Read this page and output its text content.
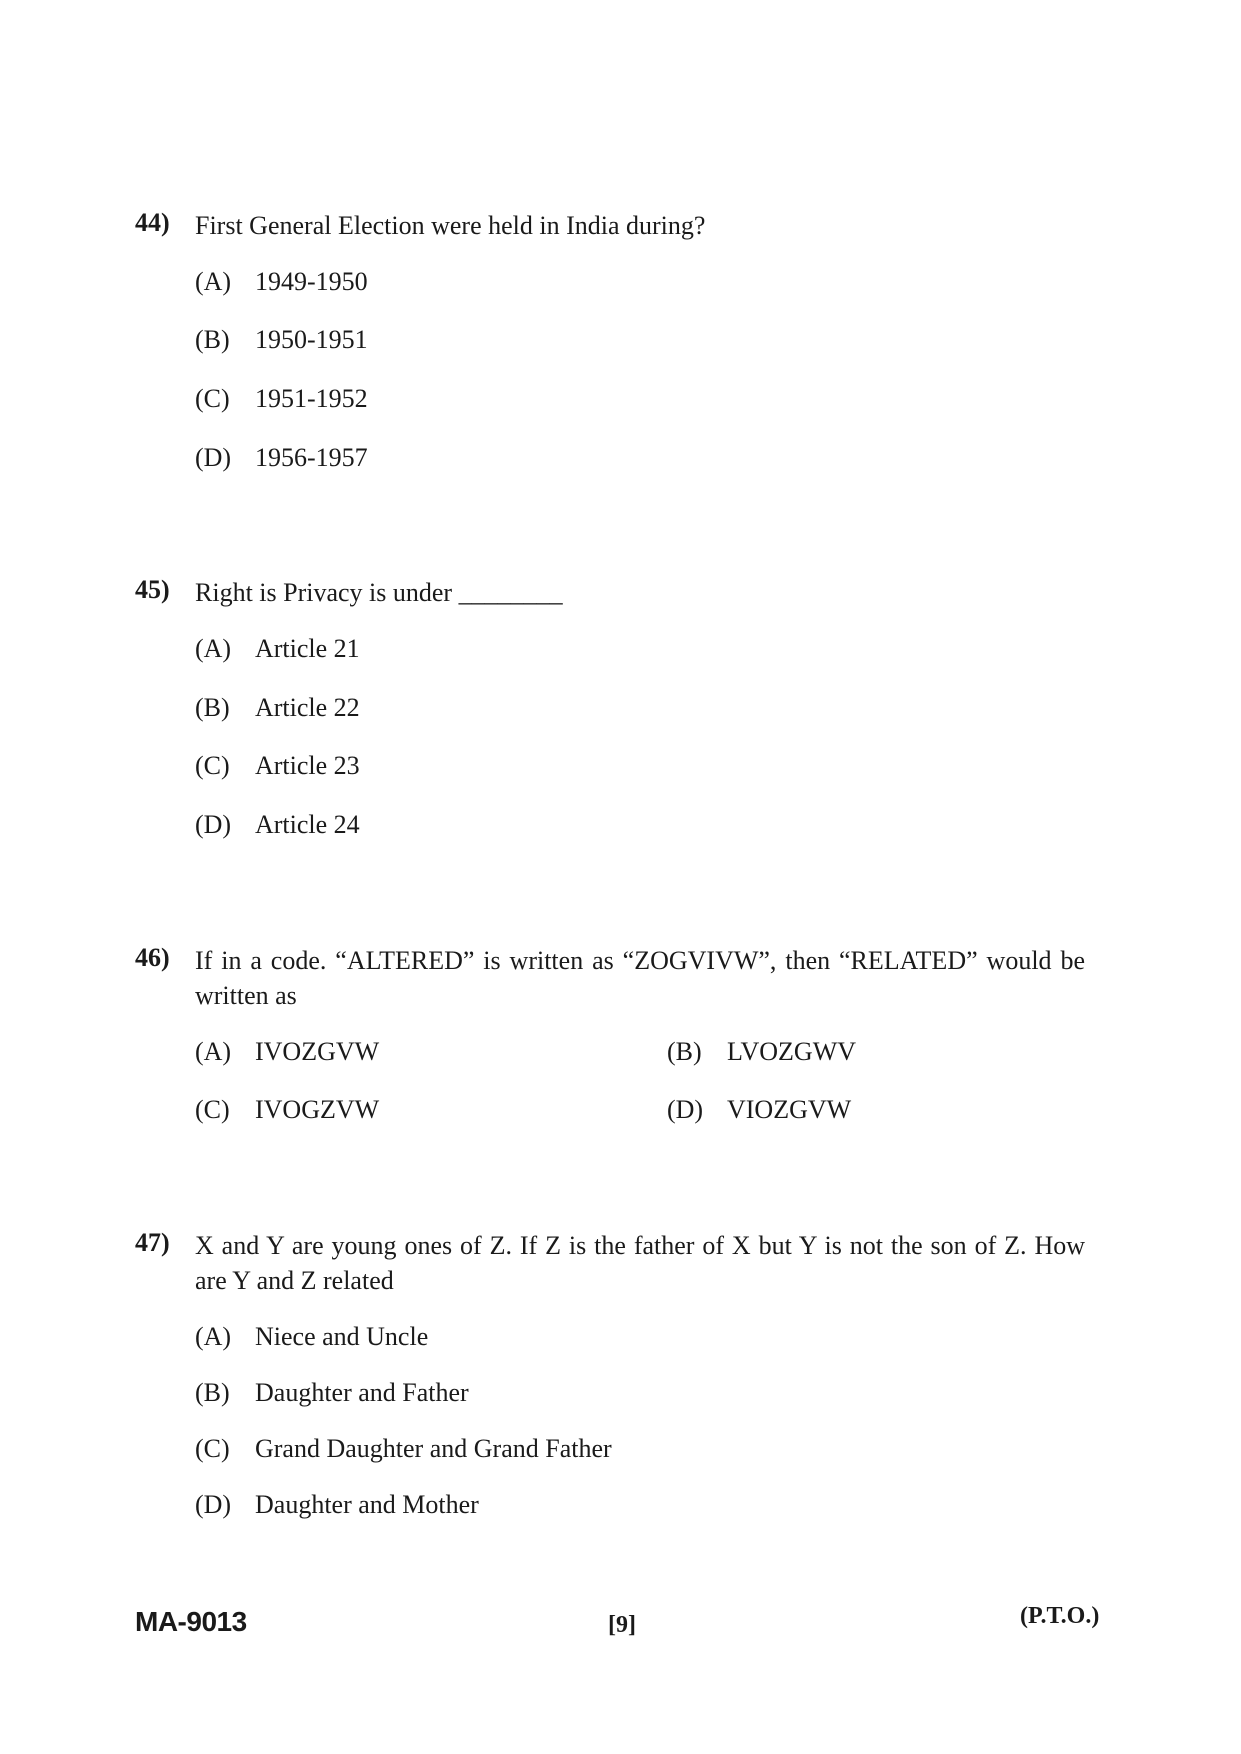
44) First General Election were held in India during?
(A) 1949-1950
(B) 1950-1951
(C) 1951-1952
(D) 1956-1957
45) Right is Privacy is under ________
(A) Article 21
(B) Article 22
(C) Article 23
(D) Article 24
46) If in a code. “ALTERED” is written as “ZOGVIVW”, then “RELATED” would be written as
(A) IVOZGVW	(B) LVOZGWV
(C) IVOGZVW	(D) VIOZGVW
47) X and Y are young ones of Z. If Z is the father of X but Y is not the son of Z. How are Y and Z related
(A) Niece and Uncle
(B) Daughter and Father
(C) Grand Daughter and Grand Father
(D) Daughter and Mother
MA-9013	[9]	(P.T.O.)
